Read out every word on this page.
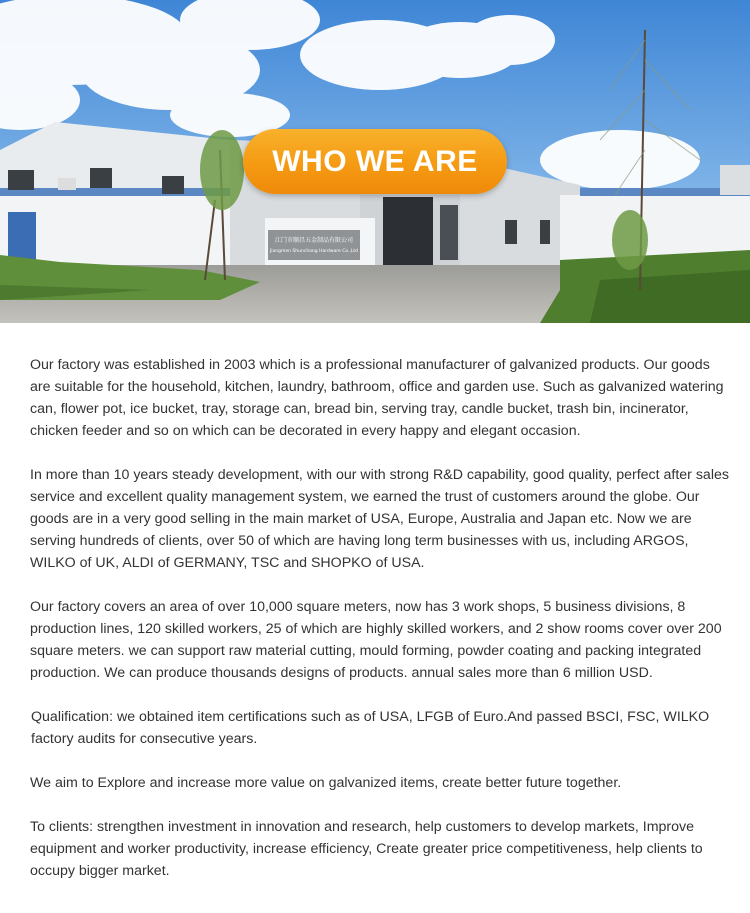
江门市顺昌五金制品有限公司
Jiangmen Shunchang Hardware Co.,Ltd
WHO WE ARE

Our factory was established in 2003 which is a professional manufacturer of galvanized products. Our goods are suitable for the household, kitchen, laundry, bathroom, office and garden use. Such as galvanized watering can, flower pot, ice bucket, tray, storage can, bread bin, serving tray, candle bucket, trash bin, incinerator, chicken feeder and so on which can be decorated in every happy and elegant occasion.

In more than 10 years steady development, with our with strong R&D capability, good quality, perfect after sales service and excellent quality management system, we earned the trust of customers around the globe. Our goods are in a very good selling in the main market of USA, Europe, Australia and Japan etc. Now we are serving hundreds of clients, over 50 of which are having long term businesses with us, including ARGOS, WILKO of UK, ALDI of GERMANY, TSC and SHOPKO of USA.

Our factory covers an area of over 10,000 square meters, now has 3 work shops, 5 business divisions, 8 production lines, 120 skilled workers, 25 of which are highly skilled workers, and 2 show rooms cover over 200 square meters. we can support raw material cutting, mould forming, powder coating and packing integrated production. We can produce thousands designs of products. annual sales more than 6 million USD.

Qualification: we obtained item certifications such as of USA, LFGB of Euro.And passed BSCI, FSC, WILKO factory audits for consecutive years.

We aim to Explore and increase more value on galvanized items, create better future together.

To clients: strengthen investment in innovation and research, help customers to develop markets, Improve equipment and worker productivity, increase efficiency, Create greater price competitiveness, help clients to occupy bigger market.
